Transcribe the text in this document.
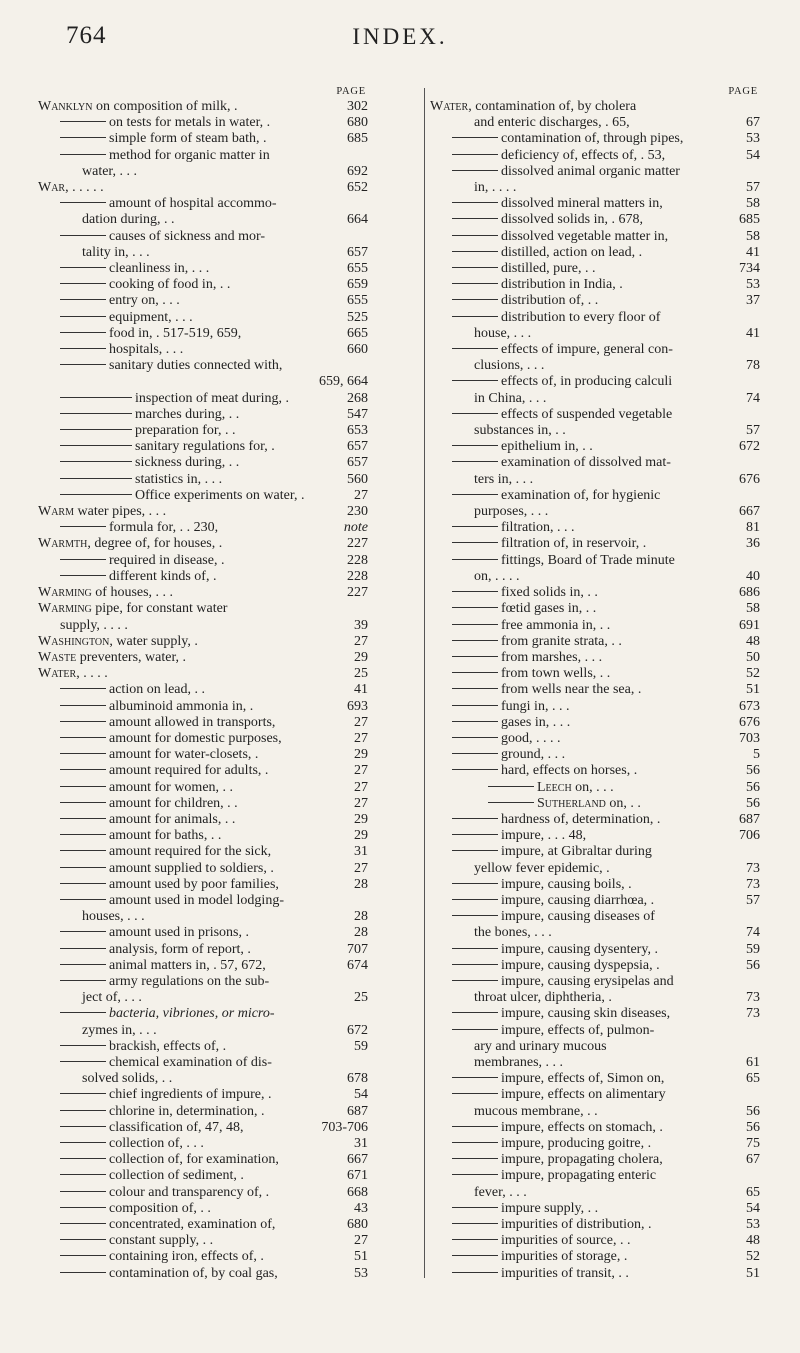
764	INDEX.
PAGE
Wanklyn on composition of milk, .	302
on tests for metals in water, .	680
simple form of steam bath, .	685
method for organic matter in
water, . . .	692
War, . . . . .	652
amount of hospital accommo-
dation during, . .	664
causes of sickness and mor-
tality in, . . .	657
cleanliness in, . . .	655
cooking of food in, . .	659
entry on, . . .	655
equipment, . . .	525
food in, . 517-519, 659,	665
hospitals, . . .	660
sanitary duties connected with,
659, 664
inspection of meat during, .	268
marches during, . .	547
preparation for, . .	653
sanitary regulations for, .	657
sickness during, . .	657
statistics in, . . .	560
Office experiments on water, .	27
Warm water pipes, . . .	230
formula for, . . 230,	note
Warmth, degree of, for houses, .	227
required in disease, .	228
different kinds of, .	228
Warming of houses, . . .	227
Warming pipe, for constant water
supply, . . . .	39
Washington, water supply, .	27
Waste preventers, water, .	29
Water, . . . .	25
action on lead, . .	41
albuminoid ammonia in, .	693
amount allowed in transports,	27
amount for domestic purposes,	27
amount for water-closets, .	29
amount required for adults, .	27
amount for women, . .	27
amount for children, . .	27
amount for animals, . .	29
amount for baths, . .	29
amount required for the sick,	31
amount supplied to soldiers, .	27
amount used by poor families,	28
amount used in model lodging-
houses, . . .	28
amount used in prisons, .	28
analysis, form of report, .	707
animal matters in, . 57, 672,	674
army regulations on the sub-
ject of, . . .	25
bacteria, vibriones, or micro-
zymes in, . . .	672
brackish, effects of, .	59
chemical examination of dis-
solved solids, . .	678
chief ingredients of impure, .	54
chlorine in, determination, .	687
classification of, 47, 48,	703-706
collection of, . . .	31
collection of, for examination,	667
collection of sediment, .	671
colour and transparency of, .	668
composition of, . .	43
concentrated, examination of,	680
constant supply, . .	27
containing iron, effects of, .	51
contamination of, by coal gas,	53
PAGE
Water, contamination of, by cholera
and enteric discharges, . 65,	67
contamination of, through pipes,	53
deficiency of, effects of, . 53,	54
dissolved animal organic matter
in, . . . .	57
dissolved mineral matters in,	58
dissolved solids in, . 678,	685
dissolved vegetable matter in,	58
distilled, action on lead, .	41
distilled, pure, . .	734
distribution in India, .	53
distribution of, . .	37
distribution to every floor of
house, . . .	41
effects of impure, general con-
clusions, . . .	78
effects of, in producing calculi
in China, . . .	74
effects of suspended vegetable
substances in, . .	57
epithelium in, . .	672
examination of dissolved mat-
ters in, . . .	676
examination of, for hygienic
purposes, . . .	667
filtration, . . .	81
filtration of, in reservoir, .	36
fittings, Board of Trade minute
on, . . . .	40
fixed solids in, . .	686
fœtid gases in, . .	58
free ammonia in, . .	691
from granite strata, . .	48
from marshes, . . .	50
from town wells, . .	52
from wells near the sea, .	51
fungi in, . . .	673
gases in, . . .	676
good, . . . .	703
ground, . . .	5
hard, effects on horses, .	56
Leech on, . . .	56
Sutherland on, . .	56
hardness of, determination, .	687
impure, . . . 48,	706
impure, at Gibraltar during
yellow fever epidemic, .	73
impure, causing boils, .	73
impure, causing diarrhœa, .	57
impure, causing diseases of
the bones, . . .	74
impure, causing dysentery, .	59
impure, causing dyspepsia, .	56
impure, causing erysipelas and
throat ulcer, diphtheria, .	73
impure, causing skin diseases,	73
impure, effects of, pulmon-
ary and urinary mucous
membranes, . . .	61
impure, effects of, Simon on,	65
impure, effects on alimentary
mucous membrane, . .	56
impure, effects on stomach, .	56
impure, producing goitre, .	75
impure, propagating cholera,	67
impure, propagating enteric
fever, . . .	65
impure supply, . .	54
impurities of distribution, .	53
impurities of source, . .	48
impurities of storage, .	52
impurities of transit, . .	51
